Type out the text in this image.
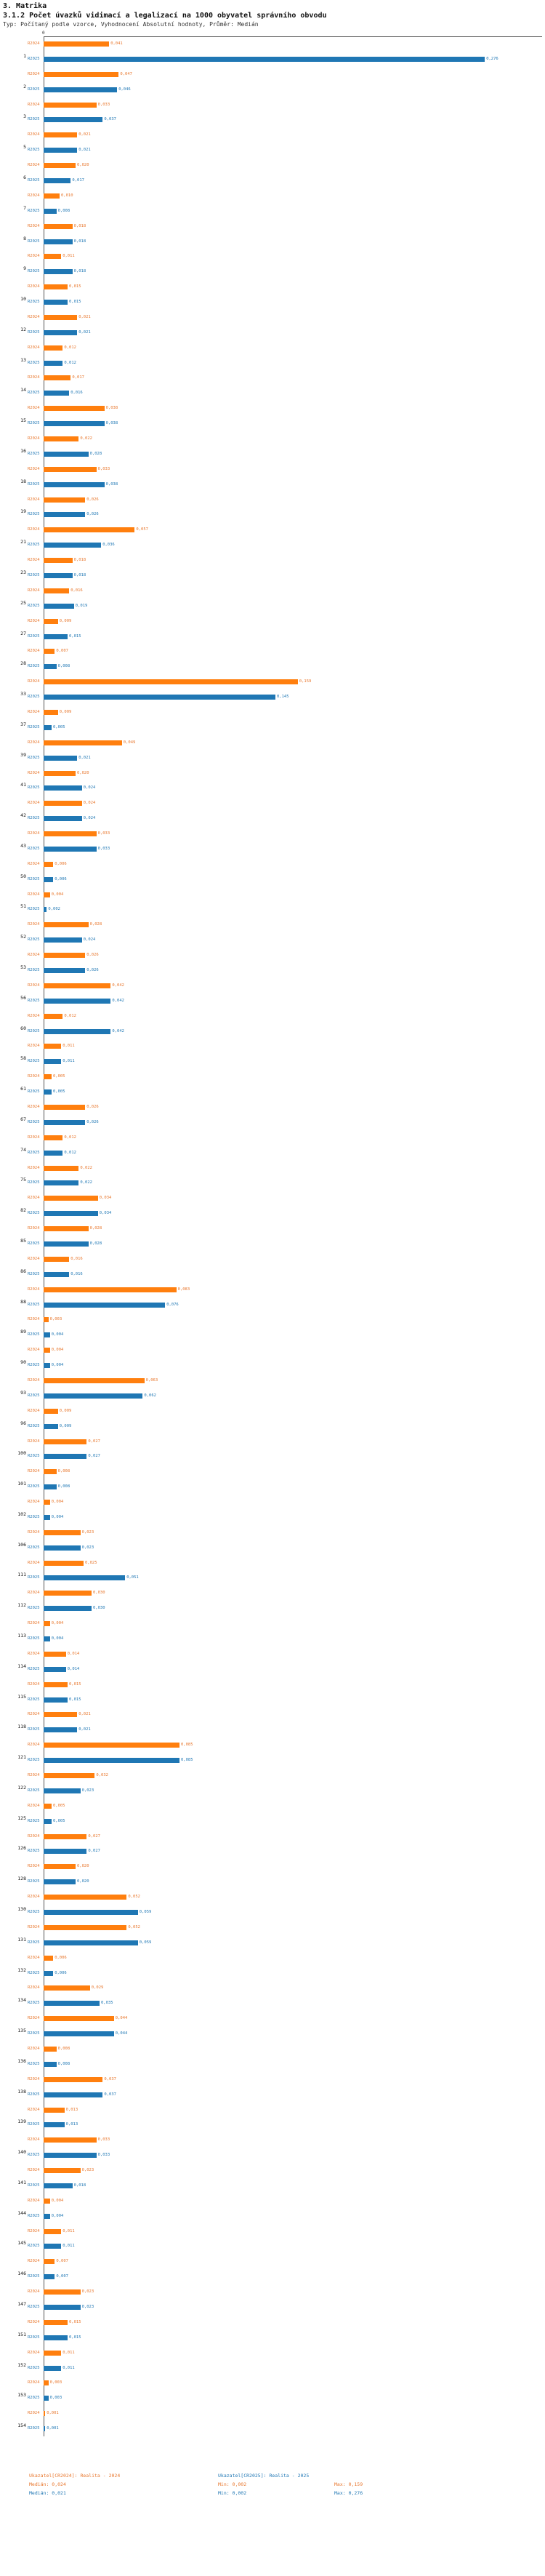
3. Matrika
3.1.2 Počet úvazků vidimací a legalizací na 1000 obyvatel správního obvodu
Typ: Počítaný podle vzorce, Vyhodnocení Absolutní hodnoty, Průměr: Medián
0
1
R2024	0,041
R2025	0,276
2
R2024	0,047
R2025	0,046
3
R2024	0,033
R2025	0,037
5
R2024	0,021
R2025	0,021
6
R2024	0,020
R2025	0,017
7
R2024	0,010
R2025	0,008
8
R2024	0,018
R2025	0,018
9
R2024	0,011
R2025	0,018
10
R2024	0,015
R2025	0,015
12
R2024	0,021
R2025	0,021
13
R2024	0,012
R2025	0,012
14
R2024	0,017
R2025	0,016
15
R2024	0,038
R2025	0,038
16
R2024	0,022
R2025	0,028
18
R2024	0,033
R2025	0,038
19
R2024	0,026
R2025	0,026
21
R2024	0,057
R2025	0,036
23
R2024	0,018
R2025	0,018
25
R2024	0,016
R2025	0,019
27
R2024	0,009
R2025	0,015
28
R2024	0,007
R2025	0,008
33
R2024	0,159
R2025	0,145
37
R2024	0,009
R2025	0,005
39
R2024	0,049
R2025	0,021
41
R2024	0,020
R2025	0,024
42
R2024	0,024
R2025	0,024
43
R2024	0,033
R2025	0,033
50
R2024	0,006
R2025	0,006
51
R2024	0,004
R2025	0,002
52
R2024	0,028
R2025	0,024
53
R2024	0,026
R2025	0,026
56
R2024	0,042
R2025	0,042
60
R2024	0,012
R2025	0,042
58
R2024	0,011
R2025	0,011
61
R2024	0,005
R2025	0,005
67
R2024	0,026
R2025	0,026
74
R2024	0,012
R2025	0,012
75
R2024	0,022
R2025	0,022
82
R2024	0,034
R2025	0,034
85
R2024	0,028
R2025	0,028
86
R2024	0,016
R2025	0,016
88
R2024	0,083
R2025	0,076
89
R2024	0,003
R2025	0,004
90
R2024	0,004
R2025	0,004
93
R2024	0,063
R2025	0,062
96
R2024	0,009
R2025	0,009
100
R2024	0,027
R2025	0,027
101
R2024	0,008
R2025	0,008
102
R2024	0,004
R2025	0,004
106
R2024	0,023
R2025	0,023
111
R2024	0,025
R2025	0,051
112
R2024	0,030
R2025	0,030
113
R2024	0,004
R2025	0,004
114
R2024	0,014
R2025	0,014
115
R2024	0,015
R2025	0,015
118
R2024	0,021
R2025	0,021
121
R2024	0,085
R2025	0,085
122
R2024	0,032
R2025	0,023
125
R2024	0,005
R2025	0,005
126
R2024	0,027
R2025	0,027
128
R2024	0,020
R2025	0,020
130
R2024	0,052
R2025	0,059
131
R2024	0,052
R2025	0,059
132
R2024	0,006
R2025	0,006
134
R2024	0,029
R2025	0,035
135
R2024	0,044
R2025	0,044
136
R2024	0,008
R2025	0,008
138
R2024	0,037
R2025	0,037
139
R2024	0,013
R2025	0,013
140
R2024	0,033
R2025	0,033
141
R2024	0,023
R2025	0,018
144
R2024	0,004
R2025	0,004
145
R2024	0,011
R2025	0,011
146
R2024	0,007
R2025	0,007
147
R2024	0,023
R2025	0,023
151
R2024	0,015
R2025	0,015
152
R2024	0,011
R2025	0,011
153
R2024	0,003
R2025	0,003
154
R2024	0,001
R2025	0,001
Ukazatel[CR2024]: Realita - 2024	Ukazatel[CR2025]: Realita - 2025
Medián: 0,024	Min: 0,002	Max: 0,159
Medián: 0,021	Min: 0,002	Max: 0,276
